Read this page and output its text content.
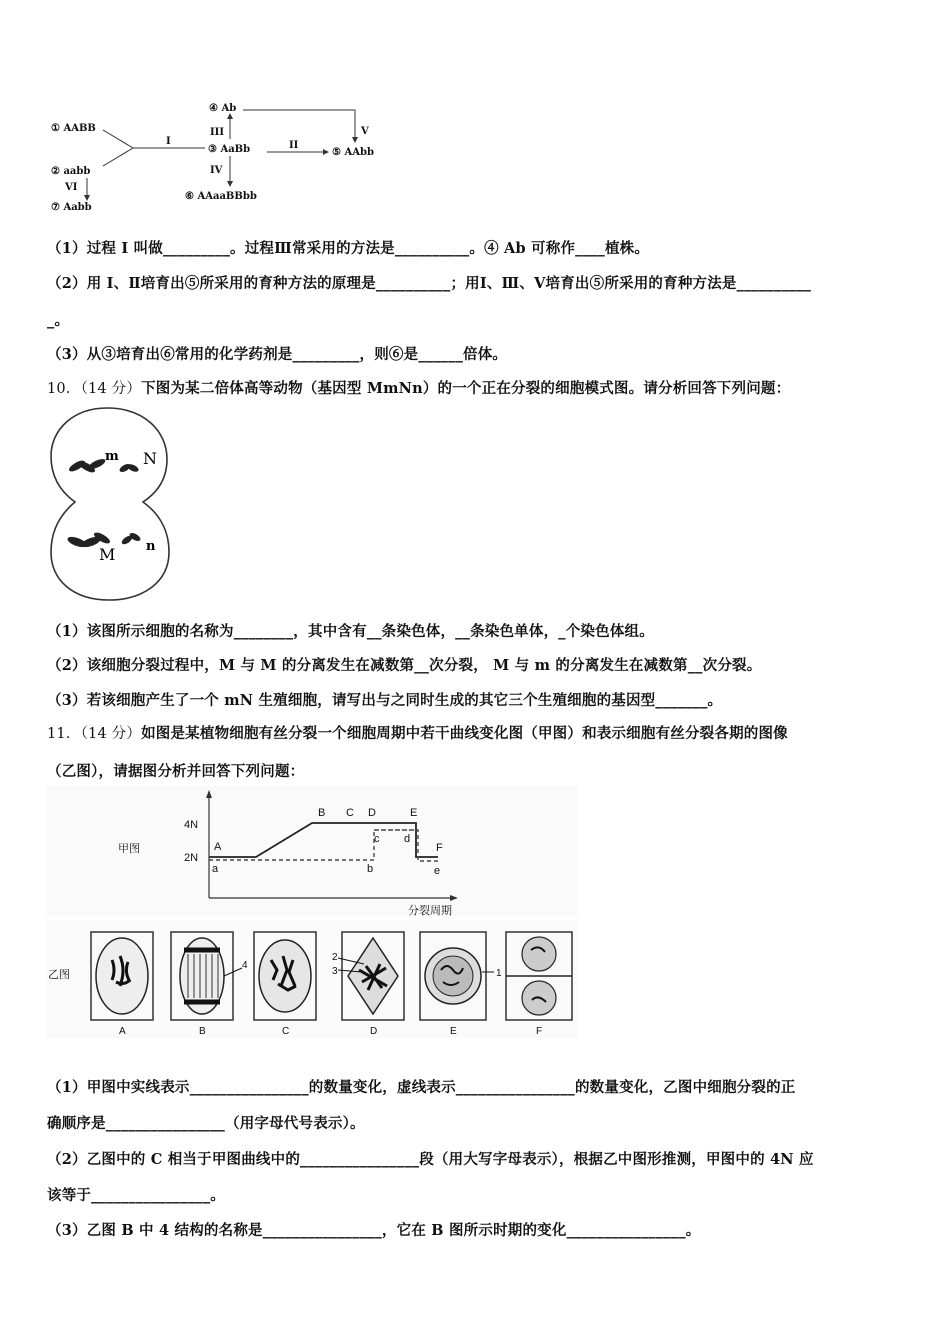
① AABB
② aabb
⑦ Aabb
③ AaBb
④ Ab
⑤ AAbb
⑥ AAaaBBbb
I	II
III
IV
V
VI
（1）过程 I 叫做_________。过程Ⅲ常采用的方法是__________。④ Ab 可称作____植株。
（2）用 I、Ⅱ培育出⑤所采用的育种方法的原理是__________；用Ⅰ、Ⅲ、Ⅴ培育出⑤所采用的育种方法是__________
_。
（3）从③培育出⑥常用的化学药剂是_________，则⑥是______倍体。
10．（14 分）下图为某二倍体高等动物（基因型 MmNn）的一个正在分裂的细胞模式图。请分析回答下列问题：
m N
M n
（1）该图所示细胞的名称为________，其中含有__条染色体，__条染色单体，_个染色体组。
（2）该细胞分裂过程中，M 与 M 的分离发生在减数第__次分裂， M 与 m 的分离发生在减数第__次分裂。
（3）若该细胞产生了一个 mN 生殖细胞，请写出与之同时生成的其它三个生殖细胞的基因型_______。
11．（14 分）如图是某植物细胞有丝分裂一个细胞周期中若干曲线变化图（甲图）和表示细胞有丝分裂各期的图像
（乙图），请据图分析并回答下列问题：
甲图
4N
2N
A
B C D	E
F
a	b
c d
e
分裂周期
乙图
4
2
3	1
A	B	C	D	E	F
（1）甲图中实线表示________________的数量变化，虚线表示________________的数量变化，乙图中细胞分裂的正
确顺序是________________（用字母代号表示）。
（2）乙图中的 C 相当于甲图曲线中的________________段（用大写字母表示），根据乙中图形推测，甲图中的 4N 应
该等于________________。
（3）乙图 B 中 4 结构的名称是________________，它在 B 图所示时期的变化________________。
